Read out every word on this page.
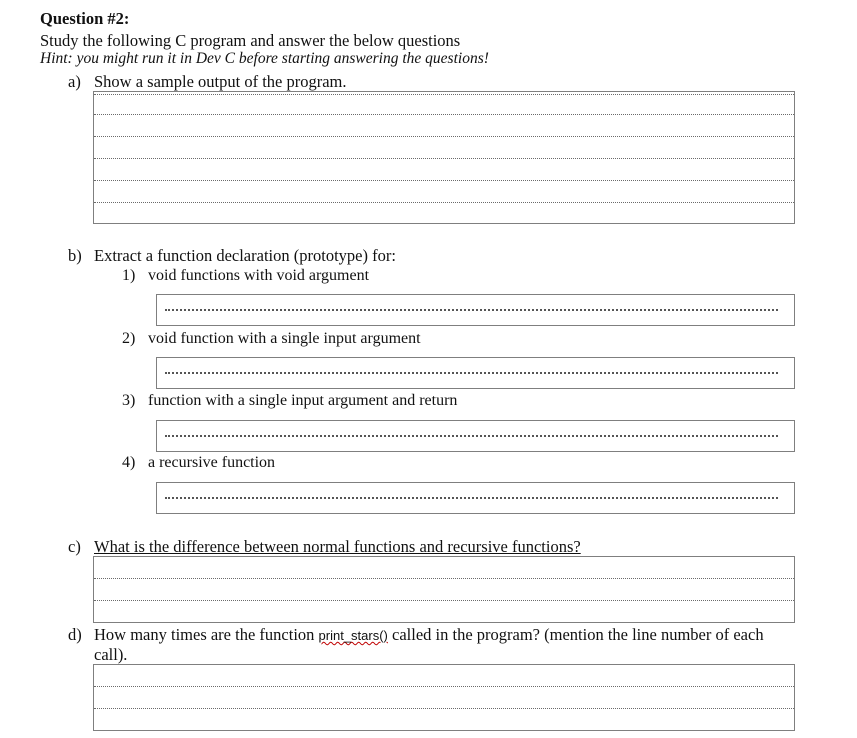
Question #2:
Study the following C program and answer the below questions
Hint: you might run it in Dev C before starting answering the questions!
a) Show a sample output of the program.
b) Extract a function declaration (prototype) for:
1) void functions with void argument
2) void function with a single input argument
3) function with a single input argument and return
4) a recursive function
c) What is the difference between normal functions and recursive functions?
d) How many times are the function print_stars() called in the program? (mention the line number of each
call).
